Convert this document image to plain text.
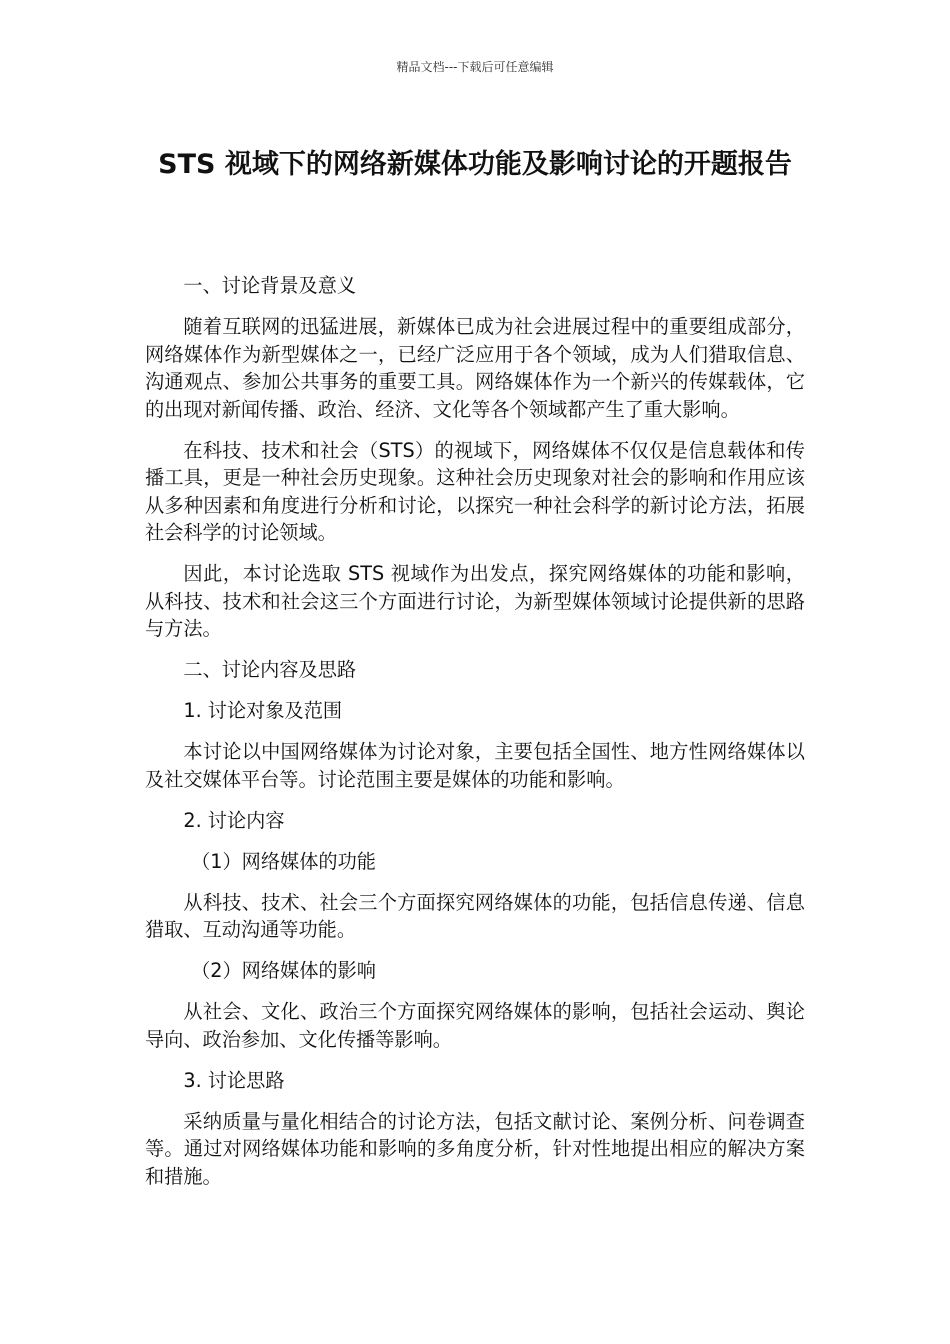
精品文档---下载后可任意编辑
STS 视域下的网络新媒体功能及影响讨论的开题报告

一、讨论背景及意义

随着互联网的迅猛进展，新媒体已成为社会进展过程中的重要组成部分，网络媒体作为新型媒体之一，已经广泛应用于各个领域，成为人们猎取信息、沟通观点、参加公共事务的重要工具。网络媒体作为一个新兴的传媒载体，它的出现对新闻传播、政治、经济、文化等各个领域都产生了重大影响。

在科技、技术和社会（STS）的视域下，网络媒体不仅仅是信息载体和传播工具，更是一种社会历史现象。这种社会历史现象对社会的影响和作用应该从多种因素和角度进行分析和讨论，以探究一种社会科学的新讨论方法，拓展社会科学的讨论领域。

因此，本讨论选取 STS 视域作为出发点，探究网络媒体的功能和影响，从科技、技术和社会这三个方面进行讨论，为新型媒体领域讨论提供新的思路与方法。

二、讨论内容及思路

1. 讨论对象及范围

本讨论以中国网络媒体为讨论对象，主要包括全国性、地方性网络媒体以及社交媒体平台等。讨论范围主要是媒体的功能和影响。

2. 讨论内容

（1）网络媒体的功能

从科技、技术、社会三个方面探究网络媒体的功能，包括信息传递、信息猎取、互动沟通等功能。

（2）网络媒体的影响

从社会、文化、政治三个方面探究网络媒体的影响，包括社会运动、舆论导向、政治参加、文化传播等影响。

3. 讨论思路

采纳质量与量化相结合的讨论方法，包括文献讨论、案例分析、问卷调查等。通过对网络媒体功能和影响的多角度分析，针对性地提出相应的解决方案和措施。
